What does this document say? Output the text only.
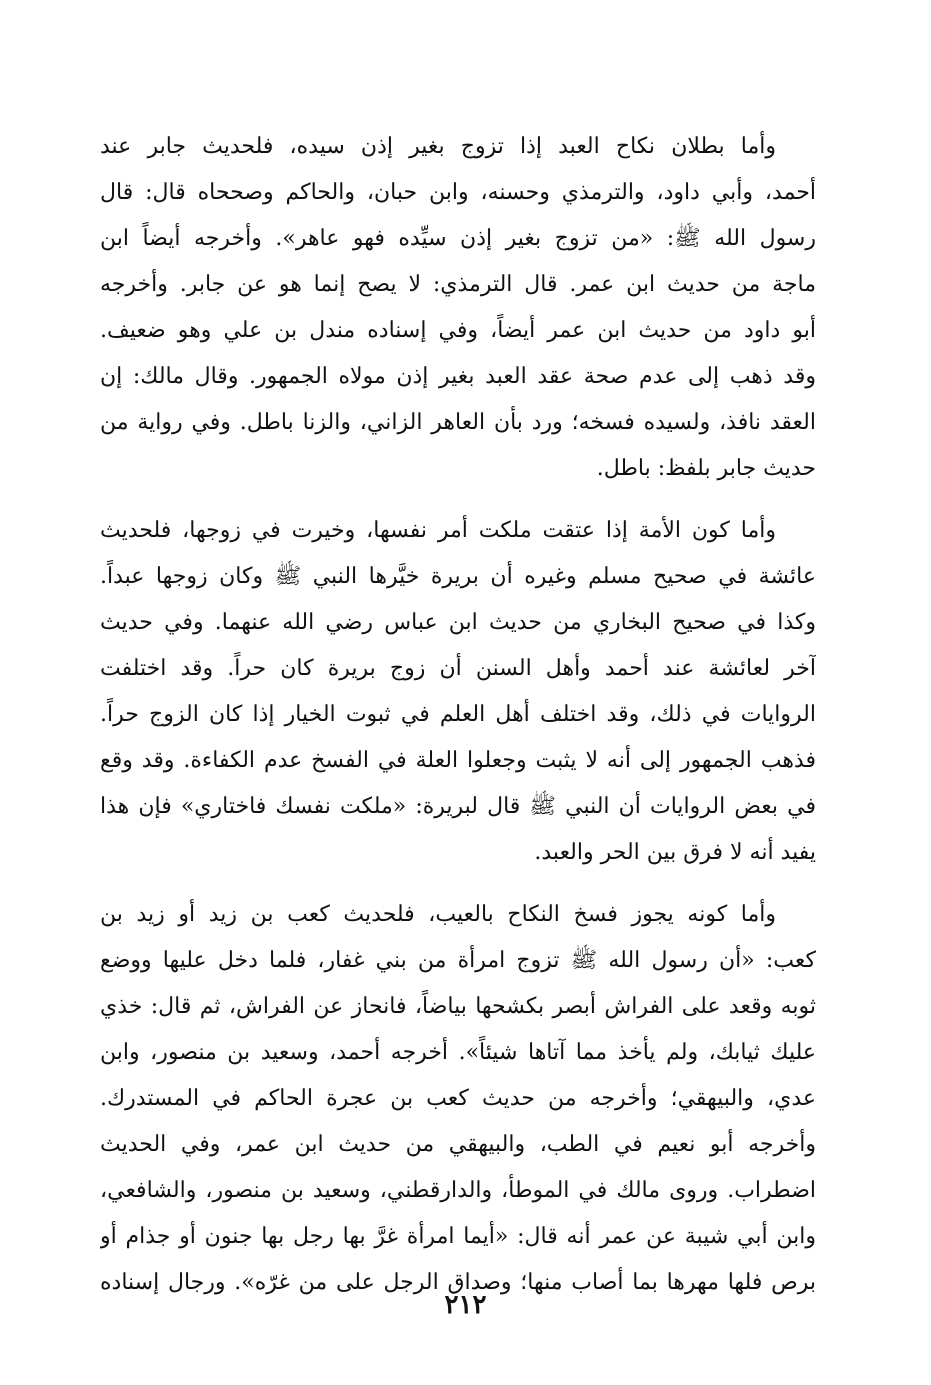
وأما بطلان نكاح العبد إذا تزوج بغير إذن سيده، فلحديث جابر عند
أحمد، وأبي داود، والترمذي وحسنه، وابن حبان، والحاكم وصححاه قال: قال
رسول الله ﷺ: «من تزوج بغير إذن سيِّده فهو عاهر». وأخرجه أيضاً ابن
ماجة من حديث ابن عمر. قال الترمذي: لا يصح إنما هو عن جابر. وأخرجه
أبو داود من حديث ابن عمر أيضاً، وفي إسناده مندل بن علي وهو ضعيف.
وقد ذهب إلى عدم صحة عقد العبد بغير إذن مولاه الجمهور. وقال مالك: إن
العقد نافذ، ولسيده فسخه؛ ورد بأن العاهر الزاني، والزنا باطل. وفي رواية من
حديث جابر بلفظ: باطل.
وأما كون الأمة إذا عتقت ملكت أمر نفسها، وخيرت في زوجها، فلحديث
عائشة في صحيح مسلم وغيره أن بريرة خيَّرها النبي ﷺ وكان زوجها عبداً.
وكذا في صحيح البخاري من حديث ابن عباس رضي الله عنهما. وفي حديث
آخر لعائشة عند أحمد وأهل السنن أن زوج بريرة كان حراً. وقد اختلفت
الروايات في ذلك، وقد اختلف أهل العلم في ثبوت الخيار إذا كان الزوج حراً.
فذهب الجمهور إلى أنه لا يثبت وجعلوا العلة في الفسخ عدم الكفاءة. وقد وقع
في بعض الروايات أن النبي ﷺ قال لبريرة: «ملكت نفسك فاختاري» فإن هذا
يفيد أنه لا فرق بين الحر والعبد.
وأما كونه يجوز فسخ النكاح بالعيب، فلحديث كعب بن زيد أو زيد بن
كعب: «أن رسول الله ﷺ تزوج امرأة من بني غفار، فلما دخل عليها ووضع
ثوبه وقعد على الفراش أبصر بكشحها بياضاً، فانحاز عن الفراش، ثم قال: خذي
عليك ثيابك، ولم يأخذ مما آتاها شيئاً». أخرجه أحمد، وسعيد بن منصور، وابن
عدي، والبيهقي؛ وأخرجه من حديث كعب بن عجرة الحاكم في المستدرك.
وأخرجه أبو نعيم في الطب، والبيهقي من حديث ابن عمر، وفي الحديث
اضطراب. وروى مالك في الموطأ، والدارقطني، وسعيد بن منصور، والشافعي،
وابن أبي شيبة عن عمر أنه قال: «أيما امرأة غرَّ بها رجل بها جنون أو جذام أو
برص فلها مهرها بما أصاب منها؛ وصداق الرجل على من غرّه». ورجال إسناده
٢١٢
